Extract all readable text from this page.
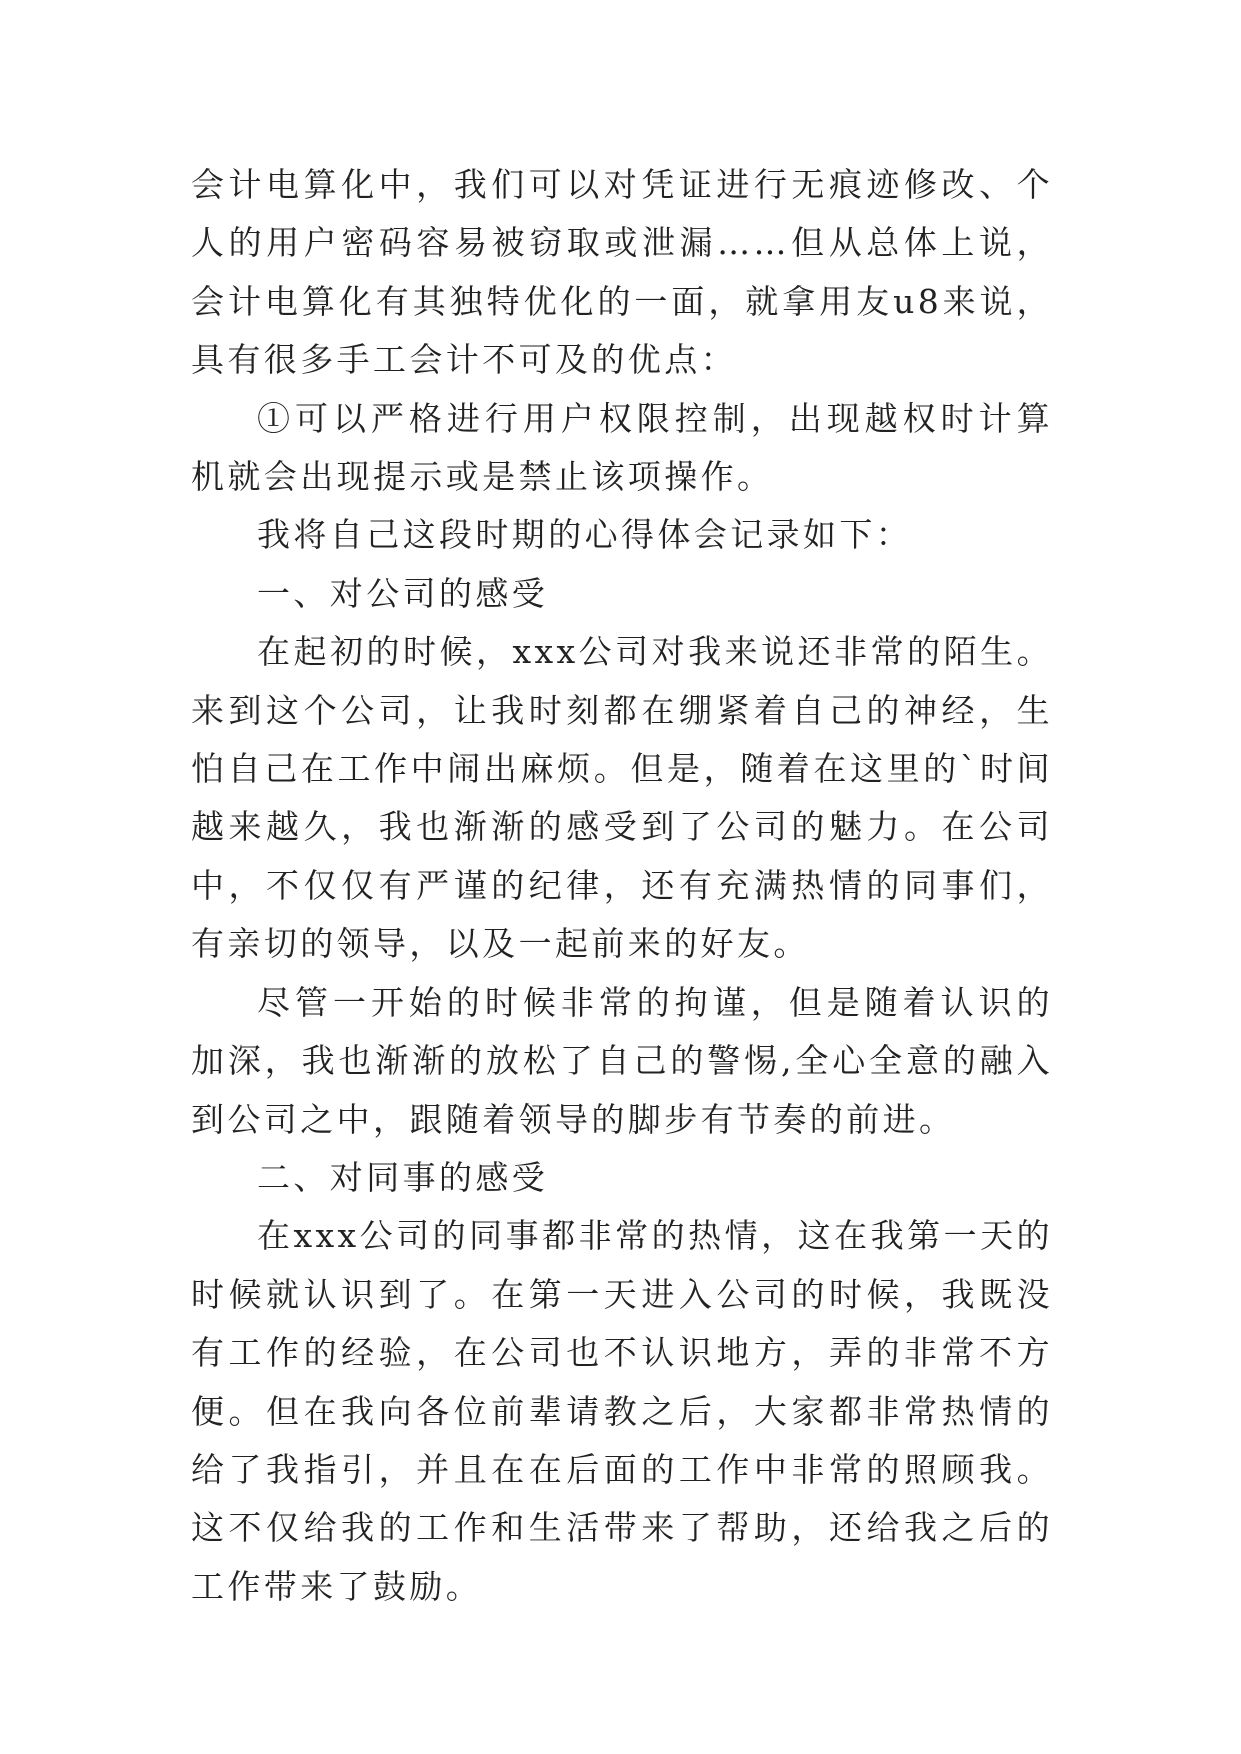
会计电算化中，我们可以对凭证进行无痕迹修改、个人的用户密码容易被窃取或泄漏……但从总体上说，会计电算化有其独特优化的一面，就拿用友u8来说，具有很多手工会计不可及的优点：

①可以严格进行用户权限控制，出现越权时计算机就会出现提示或是禁止该项操作。

我将自己这段时期的心得体会记录如下：

一、对公司的感受

在起初的时候，xxx公司对我来说还非常的陌生。来到这个公司，让我时刻都在绷紧着自己的神经，生怕自己在工作中闹出麻烦。但是，随着在这里的`时间越来越久，我也渐渐的感受到了公司的魅力。在公司中，不仅仅有严谨的纪律，还有充满热情的同事们，有亲切的领导，以及一起前来的好友。

尽管一开始的时候非常的拘谨，但是随着认识的加深，我也渐渐的放松了自己的警惕,全心全意的融入到公司之中，跟随着领导的脚步有节奏的前进。

二、对同事的感受

在xxx公司的同事都非常的热情，这在我第一天的时候就认识到了。在第一天进入公司的时候，我既没有工作的经验，在公司也不认识地方，弄的非常不方便。但在我向各位前辈请教之后，大家都非常热情的给了我指引，并且在在后面的工作中非常的照顾我。这不仅给我的工作和生活带来了帮助，还给我之后的工作带来了鼓励。
